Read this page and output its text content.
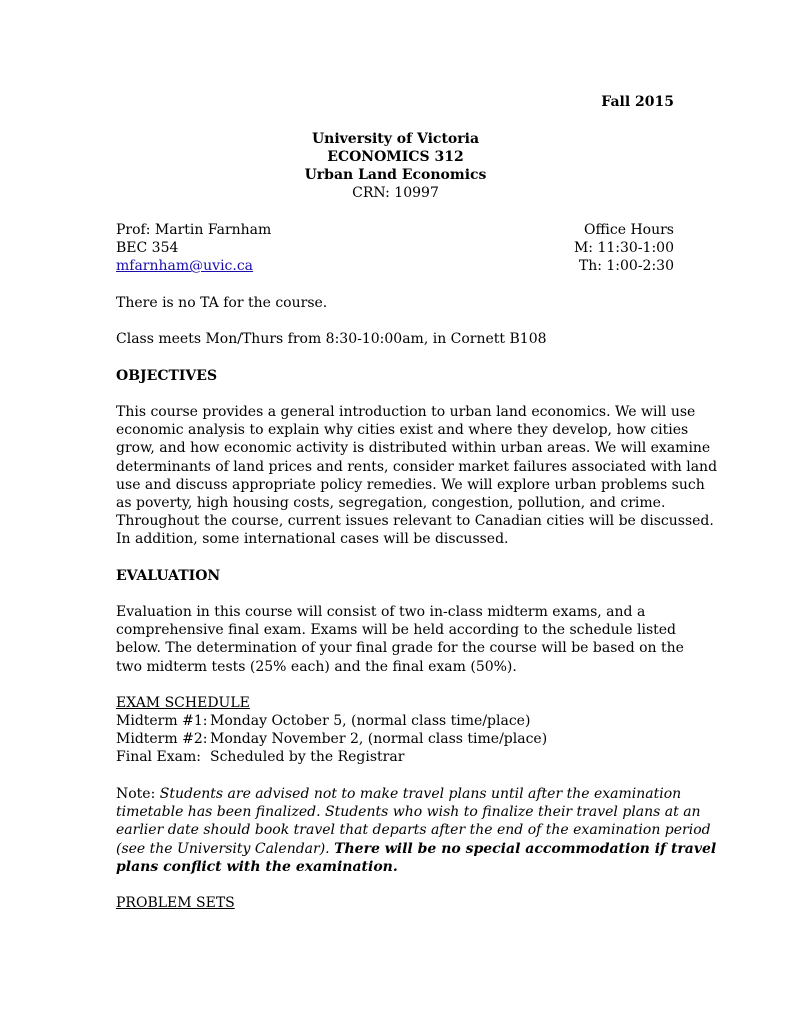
Fall 2015
University of Victoria
ECONOMICS 312
Urban Land Economics
CRN: 10997
Prof: Martin Farnham
BEC 354
mfarnham@uvic.ca
Office Hours
M: 11:30-1:00
Th: 1:00-2:30
There is no TA for the course.
Class meets Mon/Thurs from 8:30-10:00am, in Cornett B108
OBJECTIVES

This course provides a general introduction to urban land economics. We will use

economic analysis to explain why cities exist and where they develop, how cities

grow, and how economic activity is distributed within urban areas. We will examine

determinants of land prices and rents, consider market failures associated with land

use and discuss appropriate policy remedies. We will explore urban problems such

as poverty, high housing costs, segregation, congestion, pollution, and crime.

Throughout the course, current issues relevant to Canadian cities will be discussed.

In addition, some international cases will be discussed.

EVALUATION

Evaluation in this course will consist of two in-class midterm exams, and a

comprehensive final exam. Exams will be held according to the schedule listed

below. The determination of your final grade for the course will be based on the

two midterm tests (25% each) and the final exam (50%).

EXAM SCHEDULE
Midterm #1: Monday October 5, (normal class time/place)
Midterm #2: Monday November 2, (normal class time/place)
Final Exam: Scheduled by the Registrar

Note: Students are advised not to make travel plans until after the examination

timetable has been finalized. Students who wish to finalize their travel plans at an

earlier date should book travel that departs after the end of the examination period

(see the University Calendar). There will be no special accommodation if travel

plans conflict with the examination.

PROBLEM SETS
